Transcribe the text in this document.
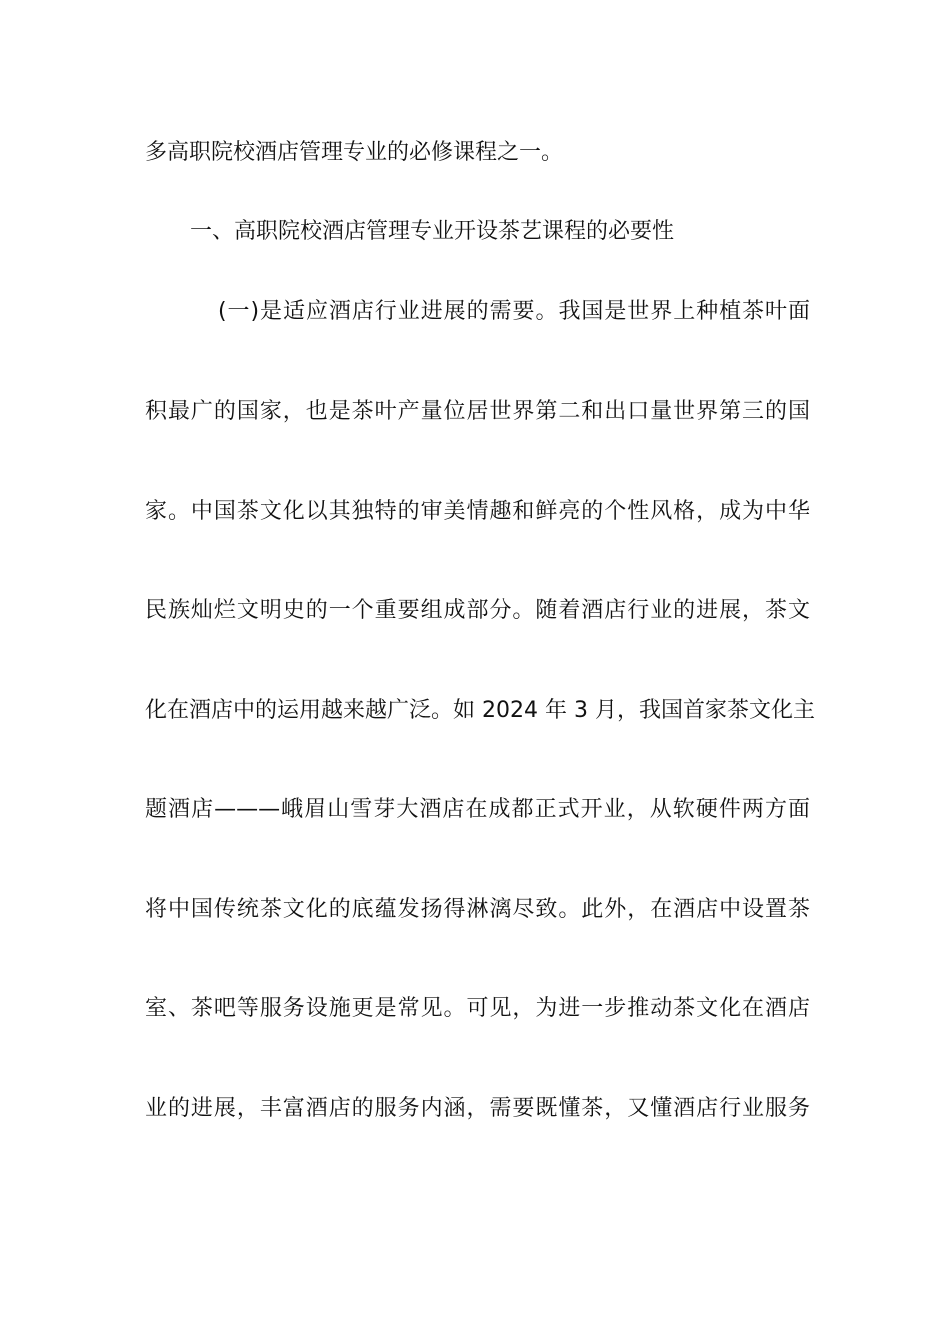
多高职院校酒店管理专业的必修课程之一。
一、高职院校酒店管理专业开设茶艺课程的必要性
(一)是适应酒店行业进展的需要。我国是世界上种植茶叶面
积最广的国家，也是茶叶产量位居世界第二和出口量世界第三的国
家。中国茶文化以其独特的审美情趣和鲜亮的个性风格，成为中华
民族灿烂文明史的一个重要组成部分。随着酒店行业的进展，茶文
化在酒店中的运用越来越广泛。如 2024 年 3 月，我国首家茶文化主
题酒店———峨眉山雪芽大酒店在成都正式开业，从软硬件两方面
将中国传统茶文化的底蕴发扬得淋漓尽致。此外，在酒店中设置茶
室、茶吧等服务设施更是常见。可见，为进一步推动茶文化在酒店
业的进展，丰富酒店的服务内涵，需要既懂茶，又懂酒店行业服务
